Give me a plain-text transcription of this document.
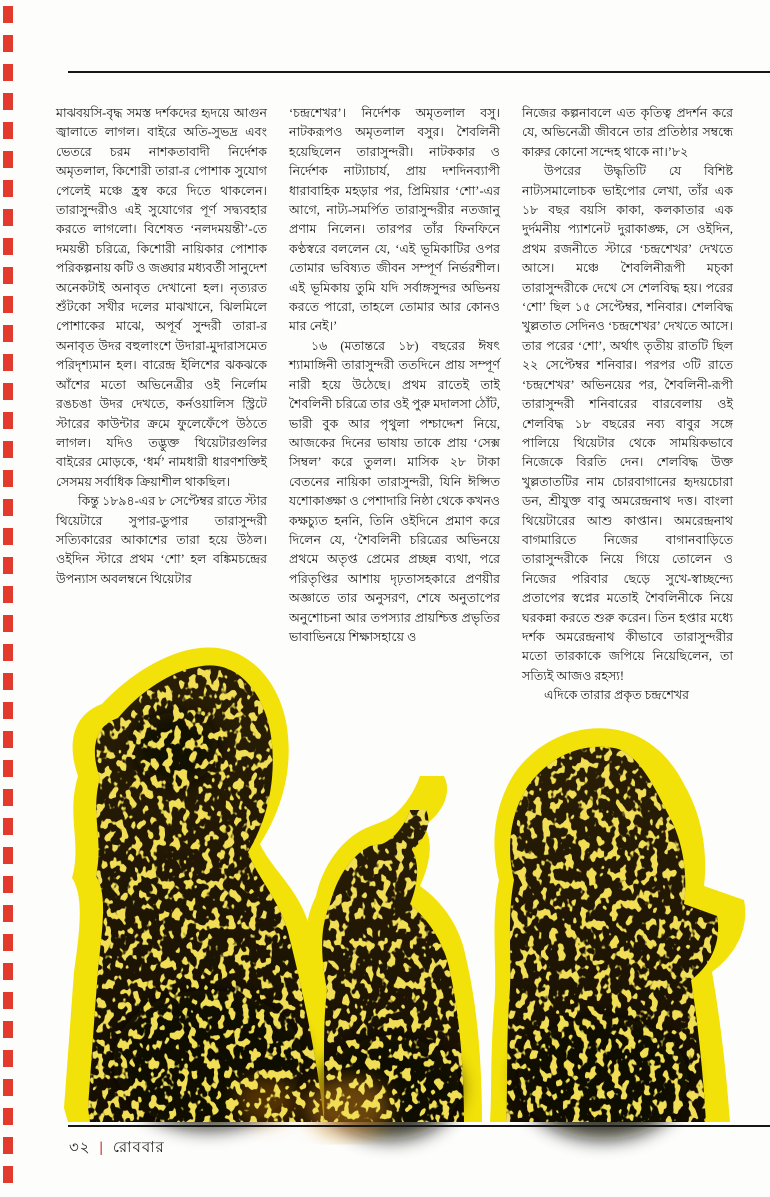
মাঝবয়সি-বৃদ্ধ সমস্ত দর্শকদের হৃদয়ে আগুন জ্বালাতে লাগল। বাইরে অতি-সুভদ্র এবং ভেতরে চরম নাশকতাবাদী নির্দেশক অমৃতলাল, কিশোরী তারা-র পোশাক সুযোগ পেলেই মঞ্চে হ্রস্ব করে দিতে থাকলেন। তারাসুন্দরীও এই সুযোগের পূর্ণ সদ্ব্যবহার করতে লাগলো। বিশেষত ‘নলদময়ন্তী’-তে দময়ন্তী চরিত্রে, কিশোরী নায়িকার পোশাক পরিকল্পনায় কটি ও জঙ্ঘার মধ্যবর্তী সানুদেশ অনেকটাই অনাবৃত দেখানো হল। নৃত্যরত শুঁটকো সখীর দলের মাঝখানে, ঝিলমিলে পোশাকের মাঝে, অপূর্ব সুন্দরী তারা-র অনাবৃত উদর বহুলাংশে উদারা-মুদারাসমেত পরিদৃশ্যমান হল। বারেন্দ্র ইলিশের ঝকঝকে আঁশের মতো অভিনেত্রীর ওই নির্লোম রঙচঙা উদর দেখতে, কর্নওয়ালিস স্ট্রিটে স্টারের কাউন্টার ক্রমে ফুলেফেঁপে উঠতে লাগল। যদিও তদ্ভুক্ত থিয়েটারগুলির বাইরের মোড়কে, ‘ধর্ম’ নামধারী ধারণশক্তিই সেসময় সর্বাধিক ক্রিয়াশীল থাকছিল।

কিন্তু ১৮৯৪-এর ৮ সেপ্টেম্বর রাতে স্টার থিয়েটারে সুপার-ডুপার তারাসুন্দরী সত্যিকারের আকাশের তারা হয়ে উঠল। ওইদিন স্টারে প্রথম ‘শো’ হল বঙ্কিমচন্দ্রের উপন্যাস অবলম্বনে থিয়েটার

‘চন্দ্রশেখর’। নির্দেশক অমৃতলাল বসু। নাটকরূপও অমৃতলাল বসুর। শৈবলিনী হয়েছিলেন তারাসুন্দরী। নাটককার ও নির্দেশক নাট্যাচার্য, প্রায় দশদিনব্যাপী ধারাবাহিক মহড়ার পর, প্রিমিয়ার ‘শো’-এর আগে, নাট্য-সমর্পিত তারাসুন্দরীর নতজানু প্রণাম নিলেন। তারপর তাঁর ফিনফিনে কণ্ঠস্বরে বললেন যে, ‘এই ভূমিকাটির ওপর তোমার ভবিষ্যত জীবন সম্পূর্ণ নির্ভরশীল। এই ভূমিকায় তুমি যদি সর্বাঙ্গসুন্দর অভিনয় করতে পারো, তাহলে তোমার আর কোনও মার নেই।’

১৬ (মতান্তরে ১৮) বছরের ঈষৎ শ্যামাঙ্গিনী তারাসুন্দরী ততদিনে প্রায় সম্পূর্ণ নারী হয়ে উঠেছে। প্রথম রাতেই তাই শৈবলিনী চরিত্রে তার ওই পুরু মদালসা ঠোঁট, ভারী বুক আর পৃথুলা পশ্চাদ্দেশ নিয়ে, আজকের দিনের ভাষায় তাকে প্রায় ‘সেক্স সিম্বল’ করে তুলল। মাসিক ২৮ টাকা বেতনের নায়িকা তারাসুন্দরী, যিনি ঈপ্সিত যশোকাঙ্ক্ষা ও পেশাদারি নিষ্ঠা থেকে কখনও কক্ষচ্যুত হননি, তিনি ওইদিনে প্রমাণ করে দিলেন যে, ‘শৈবলিনী চরিত্রের অভিনয়ে প্রথমে অতৃপ্ত প্রেমের প্রচ্ছন্ন ব্যথা, পরে পরিতৃপ্তির আশায় দৃঢ়তাসহকারে প্রণয়ীর অজ্ঞাতে তার অনুসরণ, শেষে অনুতাপের অনুশোচনা আর তপস্যার প্রায়শ্চিত্ত প্রভৃতির ভাবাভিনয়ে শিক্ষাসহায়ে ও

নিজের কল্পনাবলে এত কৃতিত্ব প্রদর্শন করে যে, অভিনেত্রী জীবনে তার প্রতিষ্ঠার সম্বন্ধে কারুর কোনো সন্দেহ থাকে না।’৮২

উপরের উদ্ধৃতিটি যে বিশিষ্ট নাট্যসমালোচক ভাইপোর লেখা, তাঁর এক ১৮ বছর বয়সি কাকা, কলকাতার এক দুর্দমনীয় প্যাশনেট দুরাকাঙ্ক্ষ, সে ওইদিন, প্রথম রজনীতে স্টারে ‘চন্দ্রশেখর’ দেখতে আসে। মঞ্চে শৈবলিনীরূপী মচ্‌কা তারাসুন্দরীকে দেখে সে শেলবিদ্ধ হয়। পরের ‘শো’ ছিল ১৫ সেপ্টেম্বর, শনিবার। শেলবিদ্ধ খুল্লতাত সেদিনও ‘চন্দ্রশেখর’ দেখতে আসে। তার পরের ‘শো’, অর্থাৎ তৃতীয় রাতটি ছিল ২২ সেপ্টেম্বর শনিবার। পরপর ৩টি রাতে ‘চন্দ্রশেখর’ অভিনয়ের পর, শৈবলিনী-রূপী তারাসুন্দরী শনিবারের বারবেলায় ওই শেলবিদ্ধ ১৮ বছরের নব্য বাবুর সঙ্গে পালিয়ে থিয়েটার থেকে সাময়িকভাবে নিজেকে বিরতি দেন। শেলবিদ্ধ উক্ত খুল্লতাতটির নাম চোরবাগানের হৃদয়চোরা ডন, শ্রীযুক্ত বাবু অমরেন্দ্রনাথ দত্ত। বাংলা থিয়েটারের আশু কাপ্তান। অমরেন্দ্রনাথ বাগমারিতে নিজের বাগানবাড়িতে তারাসুন্দরীকে নিয়ে গিয়ে তোলেন ও নিজের পরিবার ছেড়ে সুখে-স্বাচ্ছন্দ্যে প্রতাপের স্বপ্নের মতোই শৈবলিনীকে নিয়ে ঘরকন্না করতে শুরু করেন। তিন হপ্তার মধ্যে দর্শক অমরেন্দ্রনাথ কীভাবে তারাসুন্দরীর মতো তারকাকে জপিয়ে নিয়েছিলেন, তা সত্যিই আজও রহস্য!

এদিকে তারার প্রকৃত চন্দ্রশেখর

৩২ | রোববার
